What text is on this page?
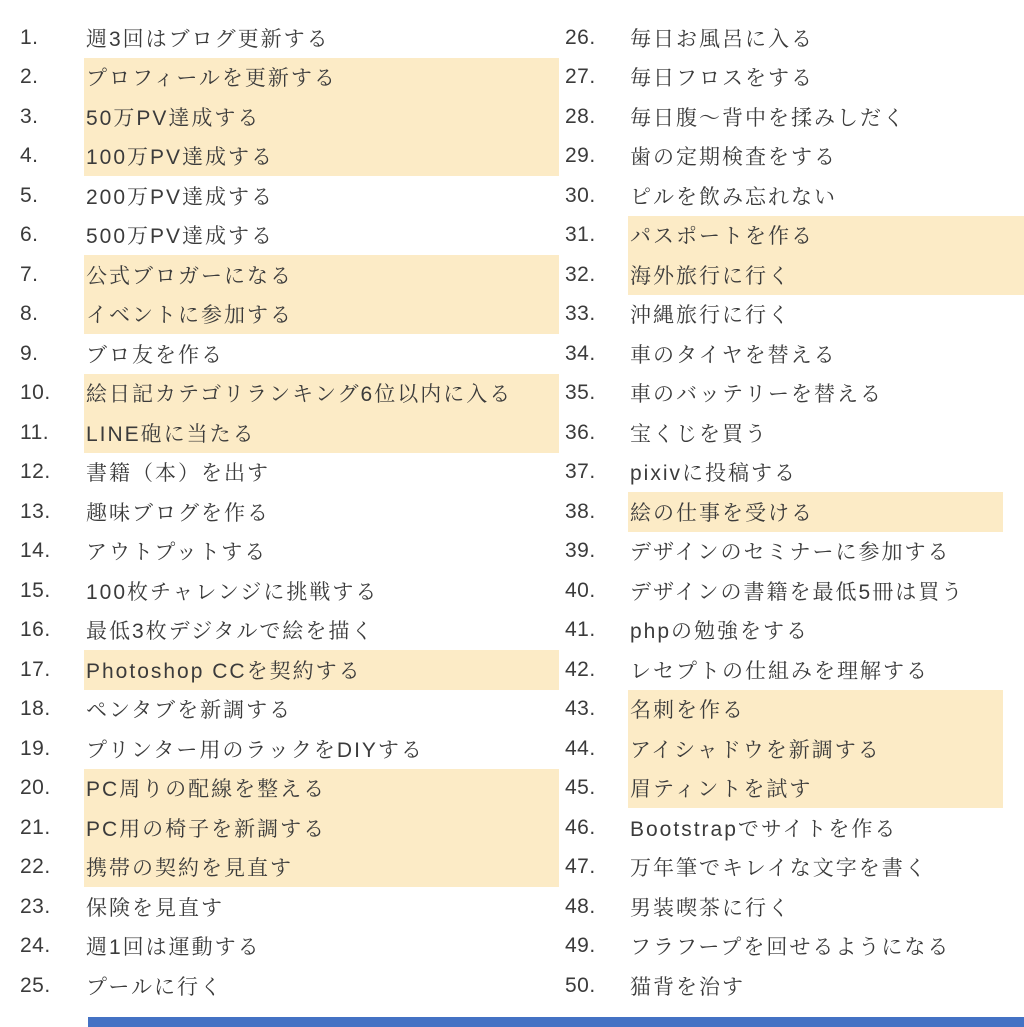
1.	週3回はブログ更新する
2.	プロフィールを更新する
3.	50万PV達成する
4.	100万PV達成する
5.	200万PV達成する
6.	500万PV達成する
7.	公式ブロガーになる
8.	イベントに参加する
9.	ブロ友を作る
10.	絵日記カテゴリランキング6位以内に入る
11.	LINE砲に当たる
12.	書籍（本）を出す
13.	趣味ブログを作る
14.	アウトプットする
15.	100枚チャレンジに挑戦する
16.	最低3枚デジタルで絵を描く
17.	Photoshop CCを契約する
18.	ペンタブを新調する
19.	プリンター用のラックをDIYする
20.	PC周りの配線を整える
21.	PC用の椅子を新調する
22.	携帯の契約を見直す
23.	保険を見直す
24.	週1回は運動する
25.	プールに行く
26.	毎日お風呂に入る
27.	毎日フロスをする
28.	毎日腹〜背中を揉みしだく
29.	歯の定期検査をする
30.	ピルを飲み忘れない
31.	パスポートを作る
32.	海外旅行に行く
33.	沖縄旅行に行く
34.	車のタイヤを替える
35.	車のバッテリーを替える
36.	宝くじを買う
37.	pixivに投稿する
38.	絵の仕事を受ける
39.	デザインのセミナーに参加する
40.	デザインの書籍を最低5冊は買う
41.	phpの勉強をする
42.	レセプトの仕組みを理解する
43.	名刺を作る
44.	アイシャドウを新調する
45.	眉ティントを試す
46.	Bootstrapでサイトを作る
47.	万年筆でキレイな文字を書く
48.	男装喫茶に行く
49.	フラフープを回せるようになる
50.	猫背を治す
